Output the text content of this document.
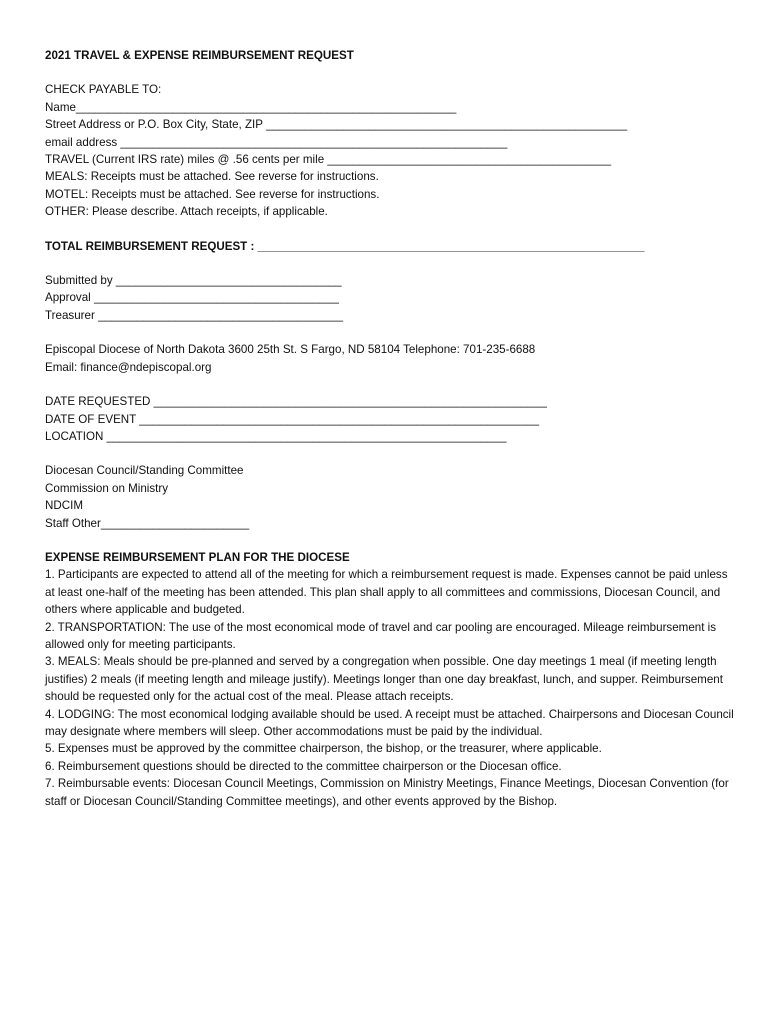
2021 TRAVEL & EXPENSE REIMBURSEMENT REQUEST
CHECK PAYABLE TO:
Name___________________________________________________________
Street Address or P.O. Box City, State, ZIP ________________________________________________________
email address ____________________________________________________________
TRAVEL (Current IRS rate) miles @ .56 cents per mile ____________________________________________
MEALS: Receipts must be attached. See reverse for instructions.
MOTEL: Receipts must be attached. See reverse for instructions.
OTHER: Please describe. Attach receipts, if applicable.
TOTAL REIMBURSEMENT REQUEST : ____________________________________________________________
Submitted by ___________________________________
Approval ______________________________________
Treasurer ______________________________________
Episcopal Diocese of North Dakota 3600 25th St. S Fargo, ND 58104 Telephone: 701-235-6688
Email: finance@ndepiscopal.org
DATE REQUESTED _____________________________________________________________
DATE OF EVENT ______________________________________________________________
LOCATION ______________________________________________________________
Diocesan Council/Standing Committee
Commission on Ministry
NDCIM
Staff Other_______________________
EXPENSE REIMBURSEMENT PLAN FOR THE DIOCESE
1. Participants are expected to attend all of the meeting for which a reimbursement request is made. Expenses cannot be paid unless at least one-half of the meeting has been attended. This plan shall apply to all committees and commissions, Diocesan Council, and others where applicable and budgeted.
2. TRANSPORTATION: The use of the most economical mode of travel and car pooling are encouraged. Mileage reimbursement is allowed only for meeting participants.
3. MEALS: Meals should be pre-planned and served by a congregation when possible. One day meetings 1 meal (if meeting length justifies) 2 meals (if meeting length and mileage justify). Meetings longer than one day breakfast, lunch, and supper. Reimbursement should be requested only for the actual cost of the meal. Please attach receipts.
4. LODGING: The most economical lodging available should be used. A receipt must be attached. Chairpersons and Diocesan Council may designate where members will sleep. Other accommodations must be paid by the individual.
5. Expenses must be approved by the committee chairperson, the bishop, or the treasurer, where applicable.
6. Reimbursement questions should be directed to the committee chairperson or the Diocesan office.
7. Reimbursable events: Diocesan Council Meetings, Commission on Ministry Meetings, Finance Meetings, Diocesan Convention (for staff or Diocesan Council/Standing Committee meetings), and other events approved by the Bishop.
